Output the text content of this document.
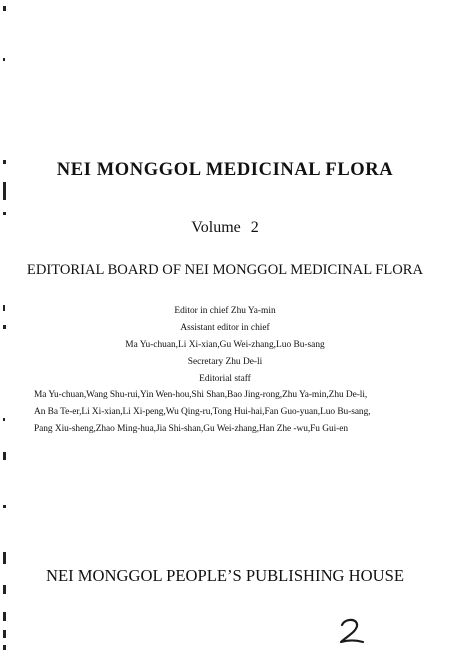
NEI MONGGOL MEDICINAL FLORA
Volume 2
EDITORIAL BOARD OF NEI MONGGOL MEDICINAL FLORA
Editor in chief Zhu Ya-min
Assistant editor in chief
Ma Yu-chuan,Li Xi-xian,Gu Wei-zhang,Luo Bu-sang
Secretary Zhu De-li
Editorial staff
Ma Yu-chuan,Wang Shu-rui,Yin Wen-hou,Shi Shan,Bao Jing-rong,Zhu Ya-min,Zhu De-li,
An Ba Te-er,Li Xi-xian,Li Xi-peng,Wu Qing-ru,Tong Hui-hai,Fan Guo-yuan,Luo Bu-sang,
Pang Xiu-sheng,Zhao Ming-hua,Jia Shi-shan,Gu Wei-zhang,Han Zhe -wu,Fu Gui-en
NEI MONGGOL PEOPLE’S PUBLISHING HOUSE
